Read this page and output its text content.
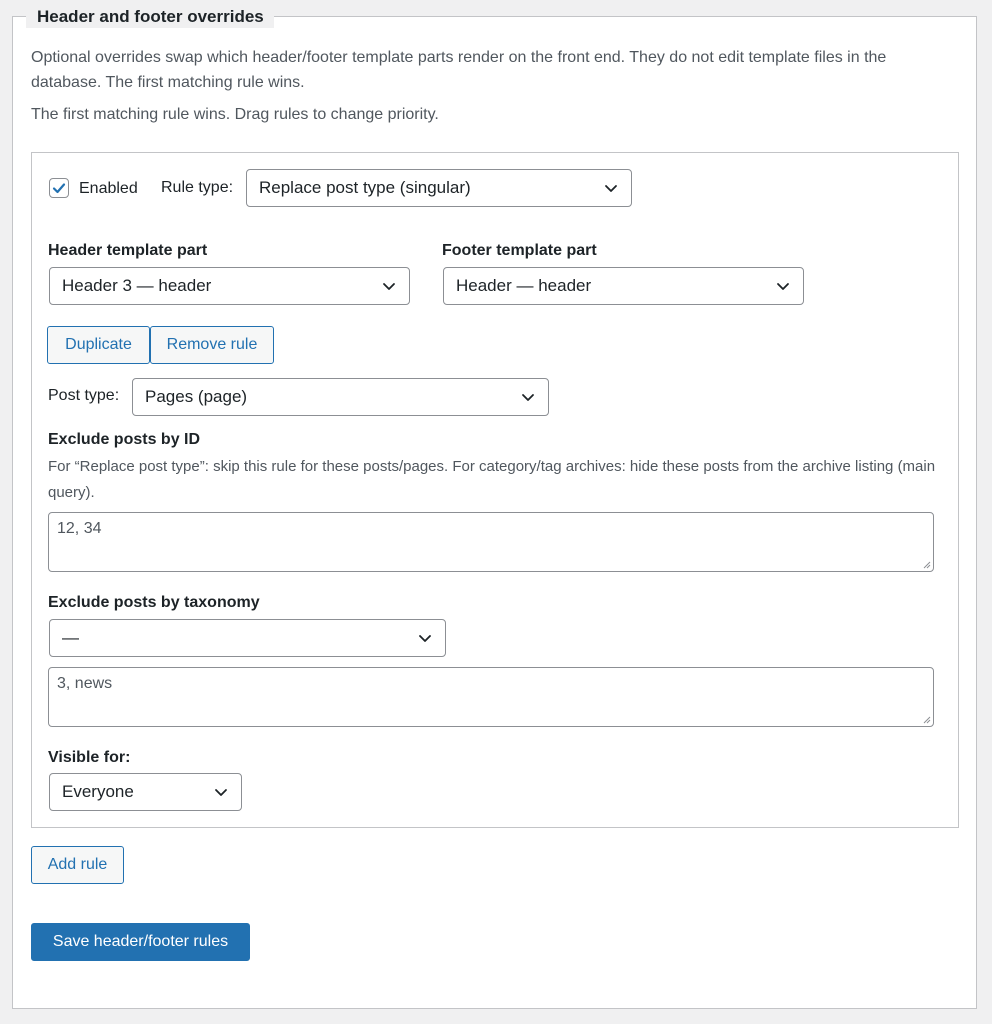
Header and footer overrides

Optional overrides swap which header/footer template parts render on the front end. They do not edit template files in the database. The first matching rule wins.

The first matching rule wins. Drag rules to change priority.

Enabled Rule type: Replace post type (singular)
Header template part
Header 3 — header
Footer template part
Header — header
Duplicate	Remove rule
Post type: Pages (page)
Exclude posts by ID
For “Replace post type”: skip this rule for these posts/pages. For category/tag archives: hide these posts from the archive listing (main query).
12, 34
Exclude posts by taxonomy
—
3, news
Visible for:
Everyone
Add rule
Save header/footer rules
